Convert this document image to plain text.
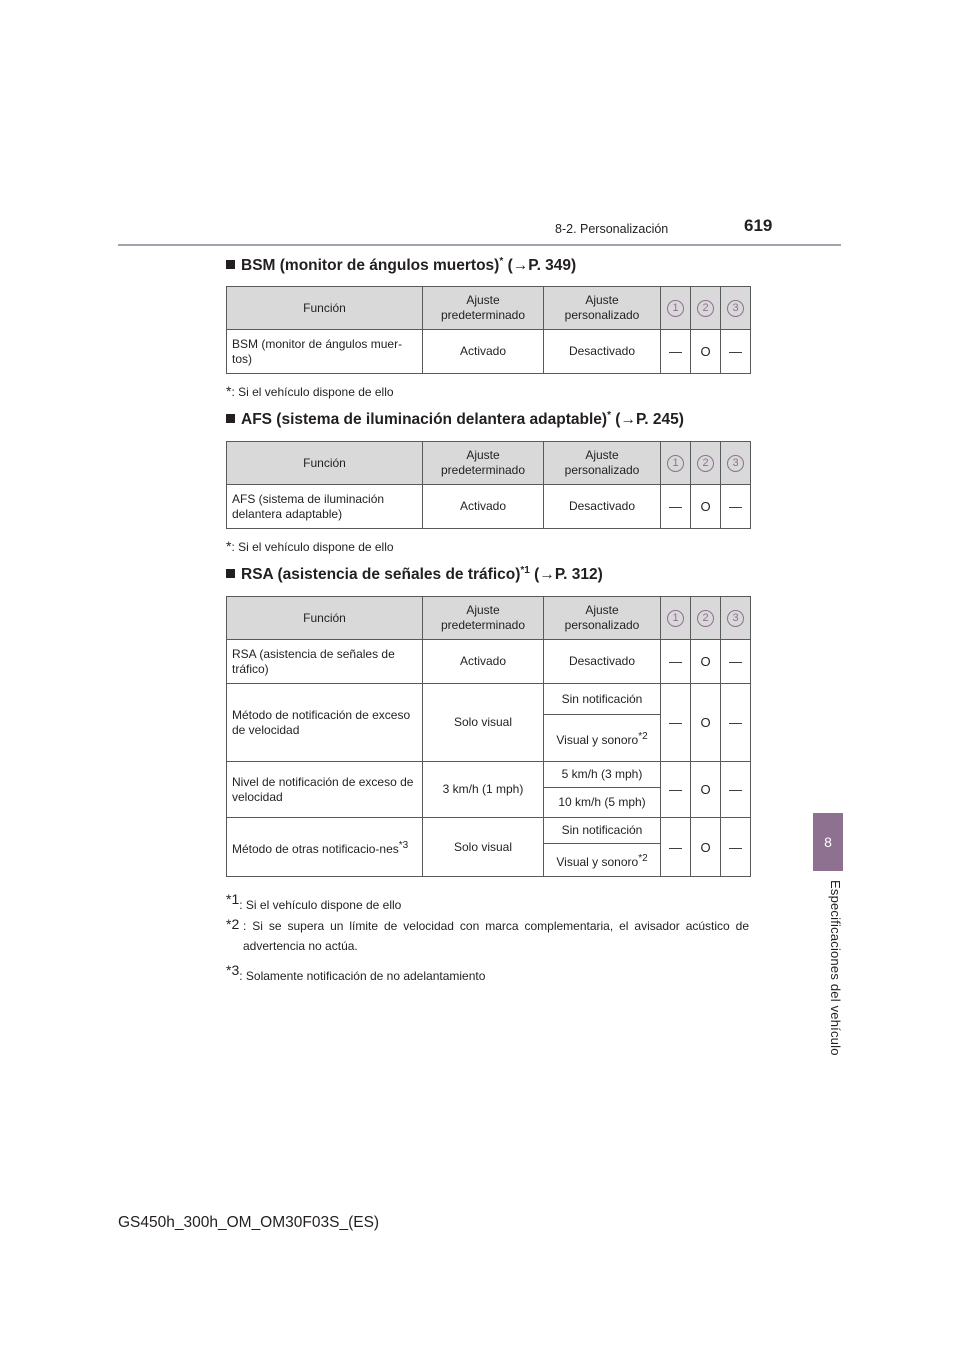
8-2. Personalización	619
8
Especificaciones del vehículo
BSM (monitor de ángulos muertos)* (→P. 349)
Función	Ajuste predeterminado	Ajuste personalizado	1	2	3
BSM (monitor de ángulos muer-tos)	Activado	Desactivado	—	O	—
*: Si el vehículo dispone de ello
AFS (sistema de iluminación delantera adaptable)* (→P. 245)
Función	Ajuste predeterminado	Ajuste personalizado	1	2	3
AFS (sistema de iluminación delantera adaptable)	Activado	Desactivado	—	O	—
*: Si el vehículo dispone de ello
RSA (asistencia de señales de tráfico)$^{*1}$ (→P. 312)
Función	Ajuste predeterminado	Ajuste personalizado	1	2	3
RSA (asistencia de señales de tráfico)	Activado	Desactivado	—	O	—
Método de notificación de exceso de velocidad	Solo visual	Sin notificación	—	O	—
		Visual y sonoro$^{*2}$
Nivel de notificación de exceso de velocidad	3 km/h (1 mph)	5 km/h (3 mph)	—	O	—
		10 km/h (5 mph)			
Método de otras notificacio-nes$^{*3}$	Solo visual	Sin notificación	—	O	—
		Visual y sonoro$^{*2}$
$^{*1}$: Si el vehículo dispone de ello
$^{*2}$ : Si se supera un límite de velocidad con marca complementaria, el avisador acústico de advertencia no actúa.
$^{*3}$: Solamente notificación de no adelantamiento
GS450h_300h_OM_OM30F03S_(ES)
